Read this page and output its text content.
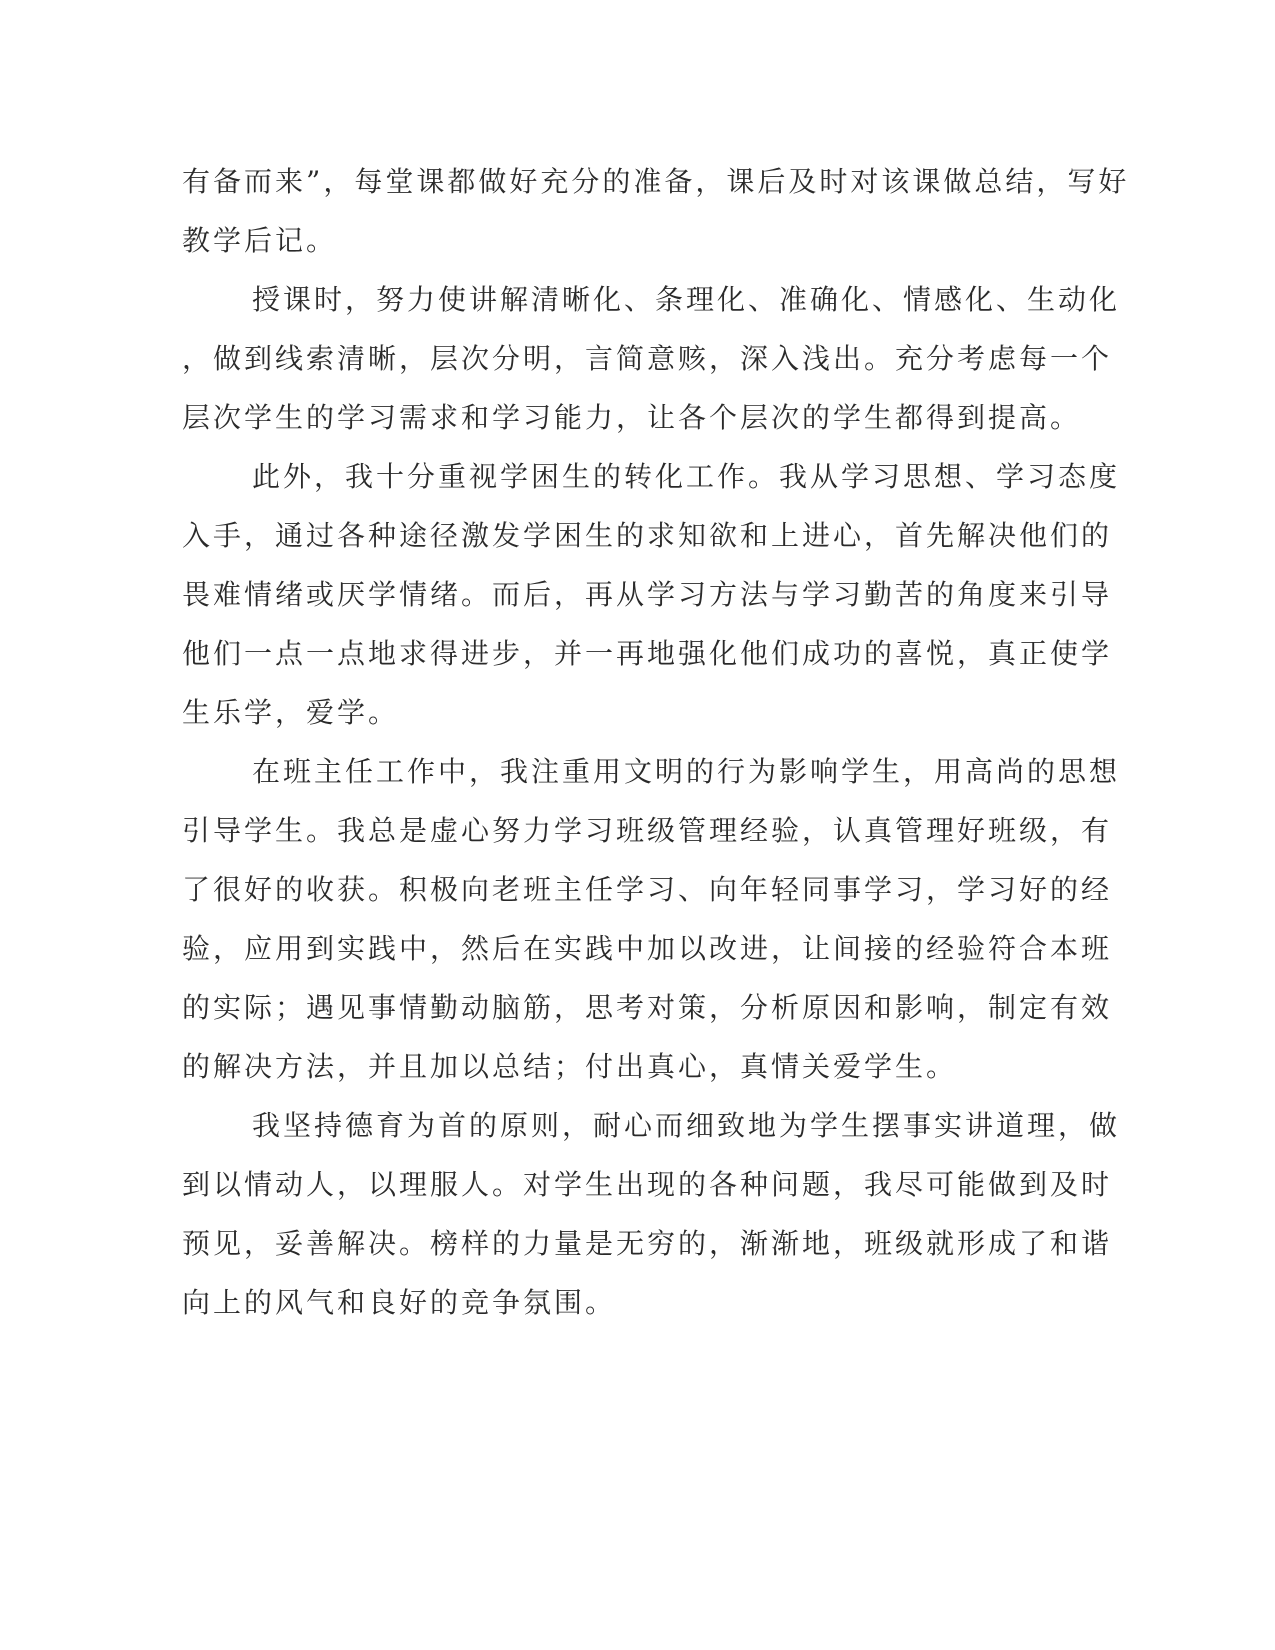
有备而来”，每堂课都做好充分的准备，课后及时对该课做总结，写好
教学后记。
授课时，努力使讲解清晰化、条理化、准确化、情感化、生动化
，做到线索清晰，层次分明，言简意赅，深入浅出。充分考虑每一个
层次学生的学习需求和学习能力，让各个层次的学生都得到提高。
此外，我十分重视学困生的转化工作。我从学习思想、学习态度
入手，通过各种途径激发学困生的求知欲和上进心，首先解决他们的
畏难情绪或厌学情绪。而后，再从学习方法与学习勤苦的角度来引导
他们一点一点地求得进步，并一再地强化他们成功的喜悦，真正使学
生乐学，爱学。
在班主任工作中，我注重用文明的行为影响学生，用高尚的思想
引导学生。我总是虚心努力学习班级管理经验，认真管理好班级，有
了很好的收获。积极向老班主任学习、向年轻同事学习，学习好的经
验，应用到实践中，然后在实践中加以改进，让间接的经验符合本班
的实际；遇见事情勤动脑筋，思考对策，分析原因和影响，制定有效
的解决方法，并且加以总结；付出真心，真情关爱学生。
我坚持德育为首的原则，耐心而细致地为学生摆事实讲道理，做
到以情动人，以理服人。对学生出现的各种问题，我尽可能做到及时
预见，妥善解决。榜样的力量是无穷的，渐渐地，班级就形成了和谐
向上的风气和良好的竞争氛围。
